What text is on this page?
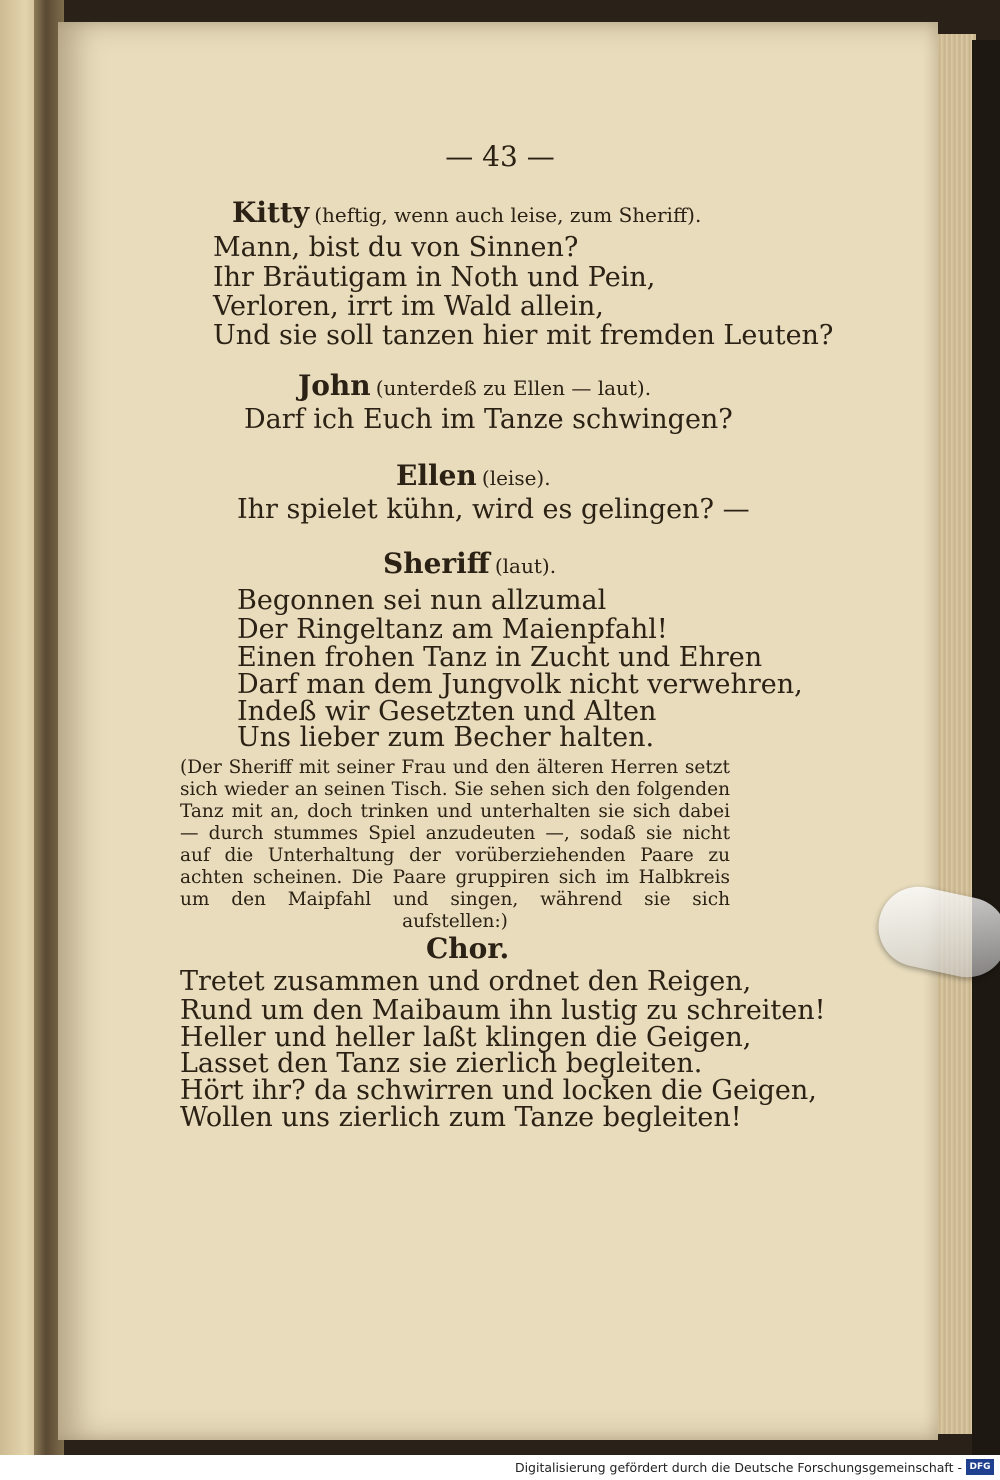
— 43 —
Kitty (heftig, wenn auch leise, zum Sheriff).
Mann, bist du von Sinnen?
Ihr Bräutigam in Noth und Pein,
Verloren, irrt im Wald allein,
Und sie soll tanzen hier mit fremden Leuten?
John (unterdeß zu Ellen — laut).
Darf ich Euch im Tanze schwingen?
Ellen (leise).
Ihr spielet kühn, wird es gelingen? —
Sheriff (laut).
Begonnen sei nun allzumal
Der Ringeltanz am Maienpfahl!
Einen frohen Tanz in Zucht und Ehren
Darf man dem Jungvolk nicht verwehren,
Indeß wir Gesetzten und Alten
Uns lieber zum Becher halten.
(Der Sheriff mit seiner Frau und den älteren Herren setzt sich wieder an seinen Tisch. Sie sehen sich den folgenden Tanz mit an, doch trinken und unterhalten sie sich dabei — durch stummes Spiel anzudeuten —, sodaß sie nicht auf die Unterhaltung der vorüberziehenden Paare zu achten scheinen. Die Paare gruppiren sich im Halbkreis um den Maipfahl und singen, während sie sich aufstellen:)
Chor.
Tretet zusammen und ordnet den Reigen,
Rund um den Maibaum ihn lustig zu schreiten!
Heller und heller laßt klingen die Geigen,
Lasset den Tanz sie zierlich begleiten.
Hört ihr? da schwirren und locken die Geigen,
Wollen uns zierlich zum Tanze begleiten!
Digitalisierung gefördert durch die Deutsche Forschungsgemeinschaft - DFG
